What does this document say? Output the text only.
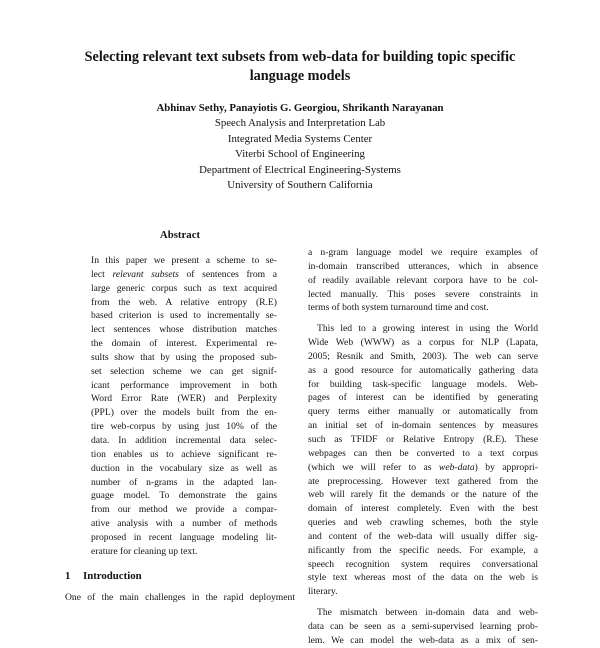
Selecting relevant text subsets from web-data for building topic specific
language models
Abhinav Sethy, Panayiotis G. Georgiou, Shrikanth Narayanan
Speech Analysis and Interpretation Lab
Integrated Media Systems Center
Viterbi School of Engineering
Department of Electrical Engineering-Systems
University of Southern California
Abstract
In this paper we present a scheme to se-
lect relevant subsets of sentences from a
large generic corpus such as text acquired
from the web. A relative entropy (R.E)
based criterion is used to incrementally se-
lect sentences whose distribution matches
the domain of interest. Experimental re-
sults show that by using the proposed sub-
set selection scheme we can get signif-
icant performance improvement in both
Word Error Rate (WER) and Perplexity
(PPL) over the models built from the en-
tire web-corpus by using just 10% of the
data. In addition incremental data selec-
tion enables us to achieve significant re-
duction in the vocabulary size as well as
number of n-grams in the adapted lan-
guage model. To demonstrate the gains
from our method we provide a compar-
ative analysis with a number of methods
proposed in recent language modeling lit-
erature for cleaning up text.
1 Introduction
One of the main challenges in the rapid deployment
a n-gram language model we require examples of
in-domain transcribed utterances, which in absence
of readily available relevant corpora have to be col-
lected manually. This poses severe constraints in
terms of both system turnaround time and cost.
This led to a growing interest in using the World
Wide Web (WWW) as a corpus for NLP (Lapata,
2005; Resnik and Smith, 2003). The web can serve
as a good resource for automatically gathering data
for building task-specific language models. Web-
pages of interest can be identified by generating
query terms either manually or automatically from
an initial set of in-domain sentences by measures
such as TFIDF or Relative Entropy (R.E). These
webpages can then be converted to a text corpus
(which we will refer to as web-data) by appropri-
ate preprocessing. However text gathered from the
web will rarely fit the demands or the nature of the
domain of interest completely. Even with the best
queries and web crawling schemes, both the style
and content of the web-data will usually differ sig-
nificantly from the specific needs. For example, a
speech recognition system requires conversational
style text whereas most of the data on the web is
literary.
The mismatch between in-domain data and web-
data can be seen as a semi-supervised learning prob-
lem. We can model the web-data as a mix of sen-
